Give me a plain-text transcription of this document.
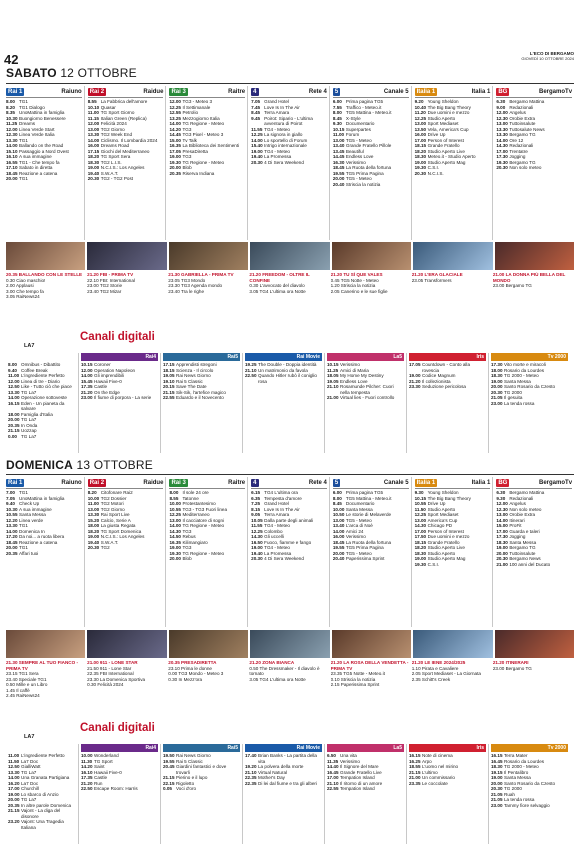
42	L'ECO DI BERGAMO
GIOVEDÌ 10 OTTOBRE 2024
SABATO 12 OTTOBRE
Rai 1	Raiuno
8.00 TG1
8.20 TG1 Dialogo
8.35 UnoMattina in famiglia
10.30 Buongiorno Benessere
11.25 Dreams
12.00 Linea Verde Start
12.30 Linea Verde Italia
13.30 TG1
14.00 Ballando on the Road
15.10 Passaggio a Nord Ovest
16.10 A sua immagine
16.55 TG1 - Che tempo fa
17.10 Sabato in diretta
18.45 Reazione a catena
20.00 TG1
Rai 2	Raidue
8.55 La Fabbrica dell'amore
10.10 Quasar
11.00 TG Sport Giorno
11.15 Italian Green (Replica)
12.00 Felicità 2024
13.00 TG2 Giorno
13.30 TG2 Week End
14.00 Ciclismo. Il Lombardia 2024
16.00 Dreams Road
17.15 Giochi del Mediterraneo
18.20 TG Sport Sera
18.30 TG2 L.I.S.
19.00 N.C.I.S.: Los Angeles
19.40 S.W.A.T.
20.30 TG2 - TG2 Post
Rai 3	Raitre
12.00 TG3 - Meteo 3
12.25 Il Settimanale
12.55 Petrolio
13.25 Mezzogiorno Italia
14.00 TG Regione - Meteo
14.20 TG3
14.45 TG3 Pixel - Meteo 3
15.00 Tv Talk
16.35 La Biblioteca dei Sentimenti
17.05 PresaDiretta
19.00 TG3
19.30 TG Regione - Meteo
20.00 Blob
20.35 Riserva Indiana
4	Rete 4
7.05 Grand Hotel
7.45 Love Is In The Air
8.45 Terra Amara
9.45 Poirot: Sipario - L'ultima avventura di Poirot
11.55 TG4 - Meteo
12.25 La signora in giallo
14.00 Lo sportello di Forum
15.40 Intrigo internazionale
19.00 TG4 - Meteo
19.40 La Promessa
20.30 4 Di Sera Weekend
5	Canale 5
6.00 Prima pagina TG5
7.55 Traffico - Meteo.it
8.00 TG5 Mattina - Meteo.it
8.45 X-Style
9.30 Documentario
10.15 Superpartes
11.00 Forum
13.00 TG5 - Meteo
13.40 Grande Fratello Pillole
13.45 Beautiful
14.45 Endless Love
16.30 Verissimo
18.45 La Ruota della fortuna
19.55 TG5 Prima Pagina
20.00 TG5 - Meteo
20.40 Striscia la notizia
Italia 1	Italia 1
9.20 Young Sheldon
10.40 The Big Bang Theory
11.20 Due uomini e mezzo
12.25 Studio Aperto
13.00 Sport Mediaset
13.50 Vela, America's Cup
16.00 Drive Up
17.00 Person of Interest
18.15 Grande Fratello
18.20 Studio Aperto Live
18.30 Meteo.it - Studio Aperto
19.00 Studio Aperto Mag
19.30 C.S.I.
20.30 N.C.I.S.
BG	BergamoTv
6.30 Bergamo Mattina
9.00 Redazionali
12.00 Angelus
12.30 Orobie Extra
13.00 Tuttoinsalute
13.30 Tuttosalute News
13.30 Bergamo TG
14.00 Ore 12
14.30 Redazionali
17.00 Trentatre
17.30 Jogging
19.30 Bergamo TG
20.30 Non solo meteo
20.35 BALLANDO CON LE STELLE
0.30 Ciao maschio!
2.00 Applausi
3.00 Che tempo fa
3.05 RaiNews24
21.20 FBI - PRIMA TV
22.10 FBI: International
23.00 TG2 Storie
23.40 TG2 Mizar
21.30 GABRIELLA - PRIMA TV
23.05 TG3 Mondo
23.30 TG3 Agenda mondo
23.40 Tra le righe
21.20 FREEDOM - OLTRE IL CONFINE
0.30 L'avvocato del diavolo
3.05 TG4 L'ultima ora Notte
21.20 TU SÌ QUE VALES
0.45 TG5 Notte - Meteo
1.20 Striscia la notizia
2.05 Canerino e le sue figlie
21.20 L'ERA GLACIALE
23.05 Transformers
21.00 LA DONNA PIÙ BELLA DEL MONDO
23.00 Bergamo TG
LA7
Canali digitali
8.00 Omnibus - Dibattito
9.40 Coffee Break
11.00 L'ingrediente Perfetto
12.00 Linea di tre - Diario
12.50 Like - Tutto ciò che piace
13.30 TG La7
14.00 Operazione sottoveste
16.15 Eden - Un pianeta da salvare
18.00 Famiglia d'Italia
20.00 TG La7
20.35 In Onda
21.15 Uozzap
0.00 TG La7
Rai4
10.15 Coroner
12.00 Operation Napoleon
14.00 Gli imprendibili
15.45 Hawaii Five-0
17.35 Castle
21.20 On the Edge
23.00 Il fiume di porpora - La serie
Rai5
17.15 Apprendisti stregoni
18.15 Scienza - Il circolo
19.05 Rai News Giorno
19.10 Rai 5 Classic
20.15 Save The Date
21.15 Sik-Sik, l'artefice magico
22.55 Eduardo e il Novecento
Rai Movie
19.25 The Double - Doppia identità
21.10 Un matrimonio da favola
22.50 Quando Hitler rubò il coniglio rosa
La5
10.15 Verissimo
11.25 Amici di Maria
18.05 My Home My Destiny
19.05 Endless Love
21.10 Rosamunde Pilcher: Cuori nella tempesta
21.00 Virtual lies - Fuori controllo
Iris
17.05 Countdown - Conto alla rovescia
19.00 Codice Magnum
21.20 Il collezionista
23.30 Seduzione pericolosa
Tv 2000
17.30 Vito morte e miracoli
18.00 Rosario da Lourdes
18.30 TG 2000 - Meteo
19.00 Santa Messa
20.00 Santo Rosario da Czesto
20.30 TG 2000
21.05 Il gesuita
23.00 La tenda rossa
DOMENICA 13 OTTOBRE
Rai 1	Raiuno
7.00 TG1
7.05 UnoMattina in famiglia
9.40 Check Up
10.30 A sua immagine
10.55 Santa Messa
12.20 Linea verde
13.30 TG1
14.00 Domenica In
17.20 Da noi... a ruota libera
18.45 Reazione a catena
20.00 TG1
20.35 Affari tuoi
Rai 2	Raidue
8.20 Citofonare Rai2
10.00 TG2 Dossier
11.00 TG2 Motori
13.00 TG2 Giorno
13.30 Rai Sport Live
15.20 Calcio, Serie A
18.00 La giusta Regata
18.20 TG Sport Domenica
19.00 N.C.I.S.: Los Angeles
19.40 S.W.A.T.
20.30 TG2
Rai 3	Raitre
8.00 Il sole 24 ore
8.55 Tatonne
10.00 Protestantesimo
10.55 TG3 - TG3 Fuori linea
12.25 Mediterraneo
13.00 Il cacciatore di sogni
14.00 TG Regione - Meteo
14.30 TG3
14.50 Rebus
16.35 Kilimangiaro
19.00 TG3
19.30 TG Regione - Meteo
20.00 Blob
4	Rete 4
6.15 TG4 L'ultima ora
6.35 Tempesta d'amore
7.25 Grand Hotel
8.15 Love Is In The Air
9.05 Terra Amara
10.05 Dalla parte degli animali
11.55 TG4 - Meteo
12.25 Colombo
14.30 Gli uccelli
16.50 Fuoco, fiamme e fango
19.00 TG4 - Meteo
19.40 La Promessa
20.30 4 Di Sera Weekend
5	Canale 5
6.00 Prima pagina TG5
8.00 TG5 Mattina - Meteo.it
8.45 Documentario
10.00 Santa Messa
10.50 Le storie di Melaverde
13.00 TG5 - Meteo
13.40 L'arca di Noè
14.00 Amici 24
16.00 Verissimo
18.45 La Ruota della fortuna
19.55 TG5 Prima Pagina
20.00 TG5 - Meteo
20.40 Paperissima Sprint
Italia 1	Italia 1
9.30 Young Sheldon
10.15 The Big Bang Theory
10.55 Drive Up
11.50 Studio Aperto
12.25 Sport Mediaset
13.00 America's Cup
14.30 Chicago PD
17.00 Person of Interest
17.50 Due uomini e mezzo
18.15 Grande Fratello
18.20 Studio Aperto Live
18.30 Studio Aperto
19.00 Studio Aperto Mag
19.30 C.S.I.
BG	BergamoTv
6.30 Bergamo Mattina
9.30 Redazionali
12.00 Angelus
12.30 Non solo meteo
13.00 Orobie Extra
14.00 Itinerari
15.00 ProFit
17.00 Guarda e taleri
17.30 Jogging
18.30 Santa Messa
19.00 Bergamo TG
20.00 Tuttoinsalute
20.30 Bergamo News
21.00 100 anni del Ducato
21.30 SEMPRE AL TUO FIANCO - PRIMA TV
23.15 TG1 Sera
23.40 Speciale TG1
0.50 Mille e un Libro
1.45 Il caffè
2.45 RaiNews24
21.00 911 - LONE STAR
21.50 911 - Lone Star
22.35 FBI International
23.30 La Domenica Sportiva
0.30 Felicità 2024
20.35 PRESADIRETTA
23.10 Prima le donne
0.00 TG3 Mondo - Meteo 3
0.30 In Mezz'ora
21.20 ZONA BIANCA
0.50 The Dressmaker - Il diavolo è tornato
3.05 TG4 L'ultima ora Notte
21.20 LA ROSA DELLA VENDETTA - PRIMA TV
23.35 TG5 Notte - Meteo.it
0.10 Striscia la notizia
2.15 Paperissima Sprint
21.20 LE IENE 2024/2025
1.10 Pirata e Cavaliere
2.05 Sport Mediaset - La Giornata
2.35 Schitt's Creek
21.20 ITINERARI
23.00 Bergamo TG
LA7
Canali digitali
11.00 L'ingrediente Perfetto
11.50 La7 Doc
12.50 GialliWatt
13.30 TG La7
14.00 Una Granata Partigiana
16.20 La7 Doc
17.00 Churchill
19.00 Lo sbarco di Anzio
20.00 TG La7
20.35 In altre parole Domenica
21.15 Vajont - La diga del disonore
23.20 Vajont: Una Tragedia Italiana
Rai4
10.00 Wonderland
11.30 TG Sport
14.20 Saint
16.10 Hawaii Five-0
17.35 Castle
21.20 Run
22.50 Escape Room: Harris
Rai5
19.50 Rai News Giorno
19.55 Rai 5 Classic
20.45 Giardini fantastici e dove trovarli
21.15 Pierino e il lupo
22.15 Rigoletto
0.05 Voci d'oro
Rai Movie
17.40 Brian Banks - La partita della vita
19.20 La polvera della morte
21.10 Virtual Natural
22.35 Mother's Day
22.35 Di lei dal fiume e tra gli alberi
La5
6.50 Una vita
11.35 Verissimo
14.40 Il Signore del Mare
16.45 Grande Fratello Live
17.00 Tempation Island
21.10 Il ritorno di un amore
22.55 Tempation Island
Iris
16.15 Note di cinema
16.25 Arpo
18.55 L'uomo nel mirino
21.15 L'ultimo
21.00 Un commissario
23.35 Le coccolate
Tv 2000
16.15 Terra Mater
16.45 Rosario da Lourdes
18.30 TG 2000 - Meteo
19.15 Il Pentalibro
19.00 Santa Messa
20.00 Santo Rosario da Czesto
20.30 TG 2000
21.05 Ruah
21.05 La tenda rossa
23.00 Tammy fiore selvaggio
